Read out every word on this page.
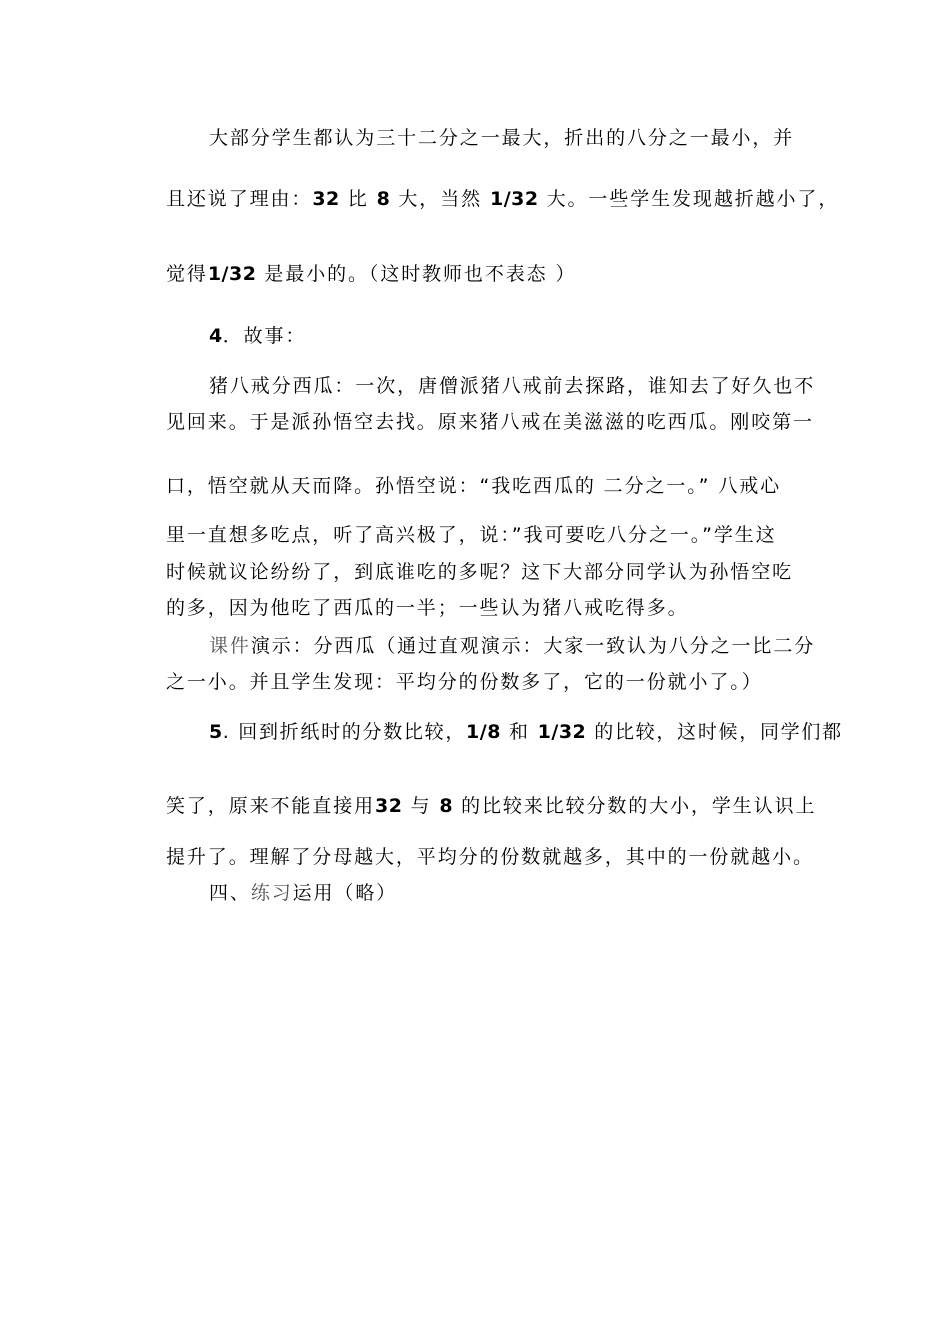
大部分学生都认为三十二分之一最大，折出的八分之一最小，并
且还说了理由：32 比 8 大，当然 1/32 大。一些学生发现越折越小了，
觉得1/32 是最小的。（这时教师也不表态 ）
4．故事：
猪八戒分西瓜：一次，唐僧派猪八戒前去探路，谁知去了好久也不
见回来。于是派孙悟空去找。原来猪八戒在美滋滋的吃西瓜。刚咬第一
口，悟空就从天而降。孙悟空说：“我吃西瓜的 二分之一。” 八戒心
里一直想多吃点，听了高兴极了，说：”我可要吃八分之一。”学生这
时候就议论纷纷了，到底谁吃的多呢？这下大部分同学认为孙悟空吃
的多，因为他吃了西瓜的一半；一些认为猪八戒吃得多。
课件演示：分西瓜（通过直观演示：大家一致认为八分之一比二分
之一小。并且学生发现：平均分的份数多了，它的一份就小了。）
5. 回到折纸时的分数比较，1/8 和 1/32 的比较，这时候，同学们都
笑了，原来不能直接用32 与 8 的比较来比较分数的大小，学生认识上
提升了。理解了分母越大，平均分的份数就越多，其中的一份就越小。
四、练习运用（略）
